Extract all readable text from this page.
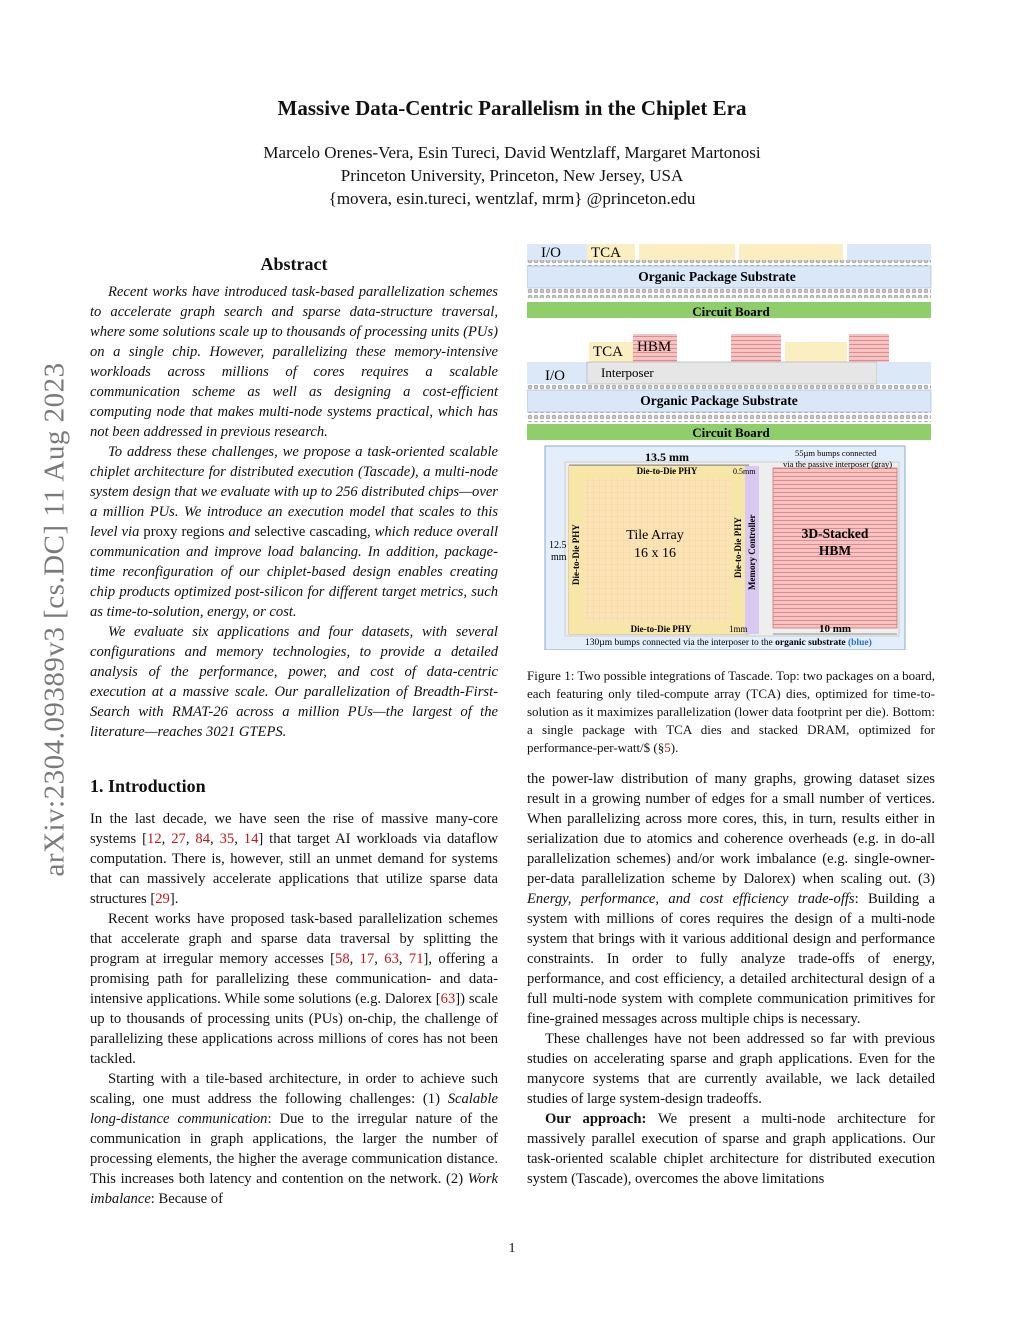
Massive Data-Centric Parallelism in the Chiplet Era
Marcelo Orenes-Vera, Esin Tureci, David Wentzlaff, Margaret Martonosi
Princeton University, Princeton, New Jersey, USA
{movera, esin.tureci, wentzlaf, mrm} @princeton.edu
arXiv:2304.09389v3 [cs.DC] 11 Aug 2023
Abstract

Recent works have introduced task-based parallelization schemes to accelerate graph search and sparse data-structure traversal, where some solutions scale up to thousands of processing units (PUs) on a single chip. However, parallelizing these memory-intensive workloads across millions of cores requires a scalable communication scheme as well as designing a cost-efficient computing node that makes multi-node systems practical, which has not been addressed in previous research.

To address these challenges, we propose a task-oriented scalable chiplet architecture for distributed execution (Tascade), a multi-node system design that we evaluate with up to 256 distributed chips—over a million PUs. We introduce an execution model that scales to this level via proxy regions and selective cascading, which reduce overall communication and improve load balancing. In addition, package-time reconfiguration of our chiplet-based design enables creating chip products optimized post-silicon for different target metrics, such as time-to-solution, energy, or cost.

We evaluate six applications and four datasets, with several configurations and memory technologies, to provide a detailed analysis of the performance, power, and cost of data-centric execution at a massive scale. Our parallelization of Breadth-First-Search with RMAT-26 across a million PUs—the largest of the literature—reaches 3021 GTEPS.

1. Introduction

In the last decade, we have seen the rise of massive many-core systems [12, 27, 84, 35, 14] that target AI workloads via dataflow computation. There is, however, still an unmet demand for systems that can massively accelerate applications that utilize sparse data structures [29].

Recent works have proposed task-based parallelization schemes that accelerate graph and sparse data traversal by splitting the program at irregular memory accesses [58, 17, 63, 71], offering a promising path for parallelizing these communication- and data-intensive applications. While some solutions (e.g. Dalorex [63]) scale up to thousands of processing units (PUs) on-chip, the challenge of parallelizing these applications across millions of cores has not been tackled.

Starting with a tile-based architecture, in order to achieve such scaling, one must address the following challenges: (1) Scalable long-distance communication: Due to the irregular nature of the communication in graph applications, the larger the number of processing elements, the higher the average communication distance. This increases both latency and contention on the network. (2) Work imbalance: Because of

I/O TCA
Organic Package Substrate
Circuit Board
TCA HBM
I/O	Interposer
Organic Package Substrate
Circuit Board
13.5 mm
Die-to-Die PHY	0.5mm
55µm bumps connected
via the passive interposer (gray)
12.5
mm Die-to-Die PHY	Tile Array
16 x 16	Die-to-Die PHY Memory Controller	3D-Stacked
HBM
Die-to-Die PHY	1mm	10 mm
130µm bumps connected via the interposer to the organic substrate (blue)
Figure 1: Two possible integrations of Tascade. Top: two packages on a board, each featuring only tiled-compute array (TCA) dies, optimized for time-to-solution as it maximizes parallelization (lower data footprint per die). Bottom: a single package with TCA dies and stacked DRAM, optimized for performance-per-watt/$ (§5).

the power-law distribution of many graphs, growing dataset sizes result in a growing number of edges for a small number of vertices. When parallelizing across more cores, this, in turn, results either in serialization due to atomics and coherence overheads (e.g. in do-all parallelization schemes) and/or work imbalance (e.g. single-owner-per-data parallelization scheme by Dalorex) when scaling out. (3) Energy, performance, and cost efficiency trade-offs: Building a system with millions of cores requires the design of a multi-node system that brings with it various additional design and performance constraints. In order to fully analyze trade-offs of energy, performance, and cost efficiency, a detailed architectural design of a full multi-node system with complete communication primitives for fine-grained messages across multiple chips is necessary.

These challenges have not been addressed so far with previous studies on accelerating sparse and graph applications. Even for the manycore systems that are currently available, we lack detailed studies of large system-design tradeoffs.

Our approach: We present a multi-node architecture for massively parallel execution of sparse and graph applications. Our task-oriented scalable chiplet architecture for distributed execution system (Tascade), overcomes the above limitations

1
